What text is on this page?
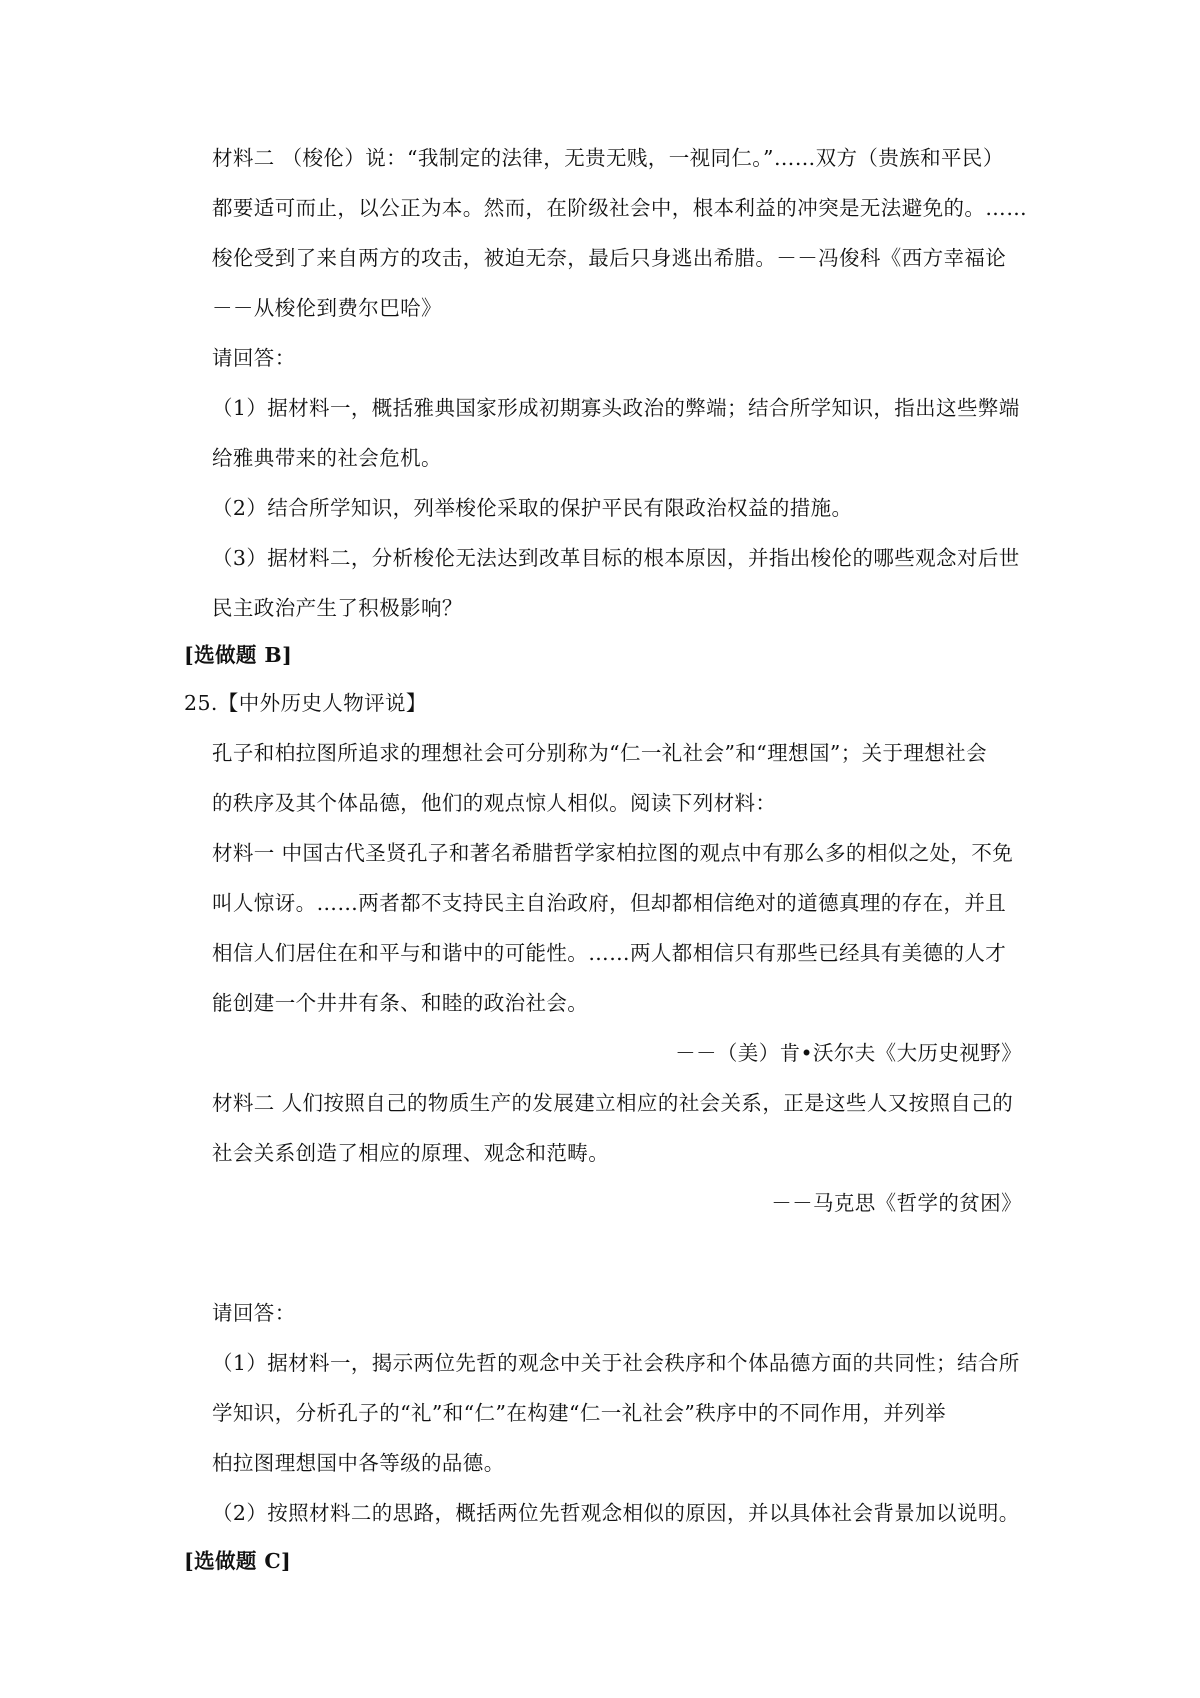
材料二 （梭伦）说：“我制定的法律，无贵无贱，一视同仁。”……双方（贵族和平民）
都要适可而止，以公正为本。然而，在阶级社会中，根本利益的冲突是无法避免的。……
梭伦受到了来自两方的攻击，被迫无奈，最后只身逃出希腊。－－冯俊科《西方幸福论
－－从梭伦到费尔巴哈》
请回答：
（1）据材料一，概括雅典国家形成初期寡头政治的弊端；结合所学知识，指出这些弊端
给雅典带来的社会危机。
（2）结合所学知识，列举梭伦采取的保护平民有限政治权益的措施。
（3）据材料二，分析梭伦无法达到改革目标的根本原因，并指出梭伦的哪些观念对后世
民主政治产生了积极影响？
[选做题 B]
25.【中外历史人物评说】
孔子和柏拉图所追求的理想社会可分别称为“仁一礼社会”和“理想国”；关于理想社会
的秩序及其个体品德，他们的观点惊人相似。阅读下列材料：
材料一 中国古代圣贤孔子和著名希腊哲学家柏拉图的观点中有那么多的相似之处，不免
叫人惊讶。……两者都不支持民主自治政府，但却都相信绝对的道德真理的存在，并且
相信人们居住在和平与和谐中的可能性。……两人都相信只有那些已经具有美德的人才
能创建一个井井有条、和睦的政治社会。
－－（美）肯•沃尔夫《大历史视野》
材料二 人们按照自己的物质生产的发展建立相应的社会关系，正是这些人又按照自己的
社会关系创造了相应的原理、观念和范畴。
－－马克思《哲学的贫困》
请回答：
（1）据材料一，揭示两位先哲的观念中关于社会秩序和个体品德方面的共同性；结合所
学知识，分析孔子的“礼”和“仁”在构建“仁一礼社会”秩序中的不同作用，并列举
柏拉图理想国中各等级的品德。
（2）按照材料二的思路，概括两位先哲观念相似的原因，并以具体社会背景加以说明。
[选做题 C]
